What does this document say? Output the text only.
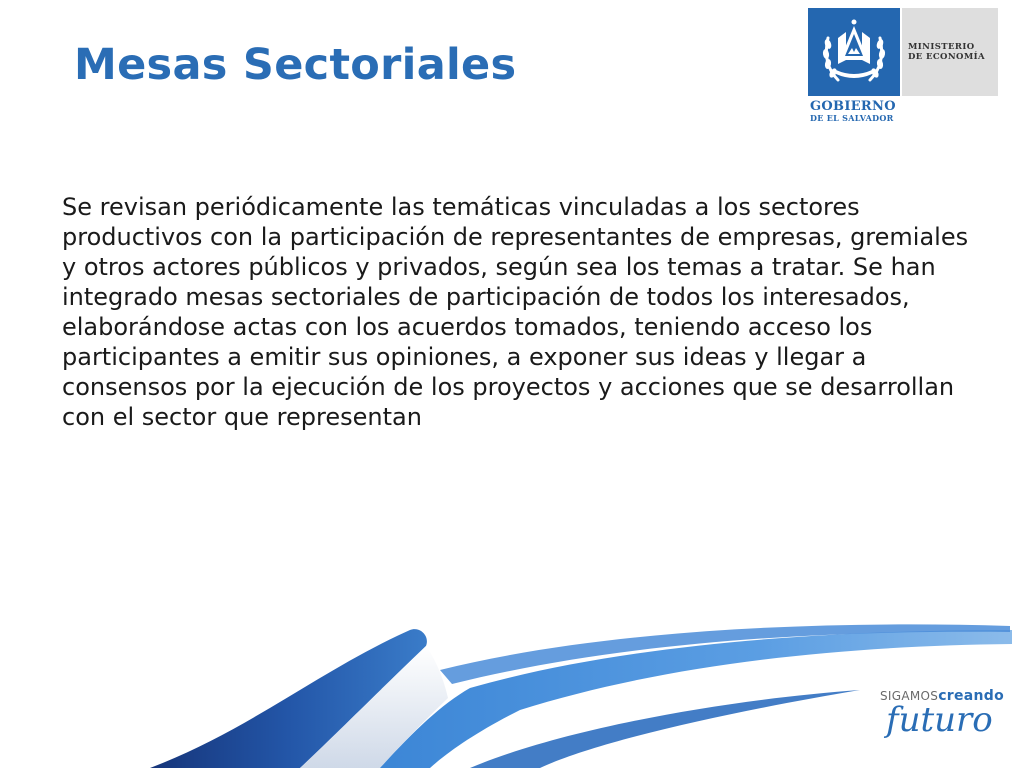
Mesas Sectoriales

Se revisan periódicamente las temáticas vinculadas a los sectores productivos con la participación de representantes de empresas, gremiales y otros actores públicos y privados, según sea los temas a tratar. Se han integrado mesas sectoriales de participación de todos los interesados, elaborándose actas con los acuerdos tomados, teniendo acceso los participantes a emitir sus opiniones, a exponer sus ideas y llegar a consensos por la ejecución de los proyectos y acciones que se desarrollan con el sector que representan

MINISTERIO
DE ECONOMÍA
GOBIERNO
DE EL SALVADOR
SIGAMOScreando
futuro
